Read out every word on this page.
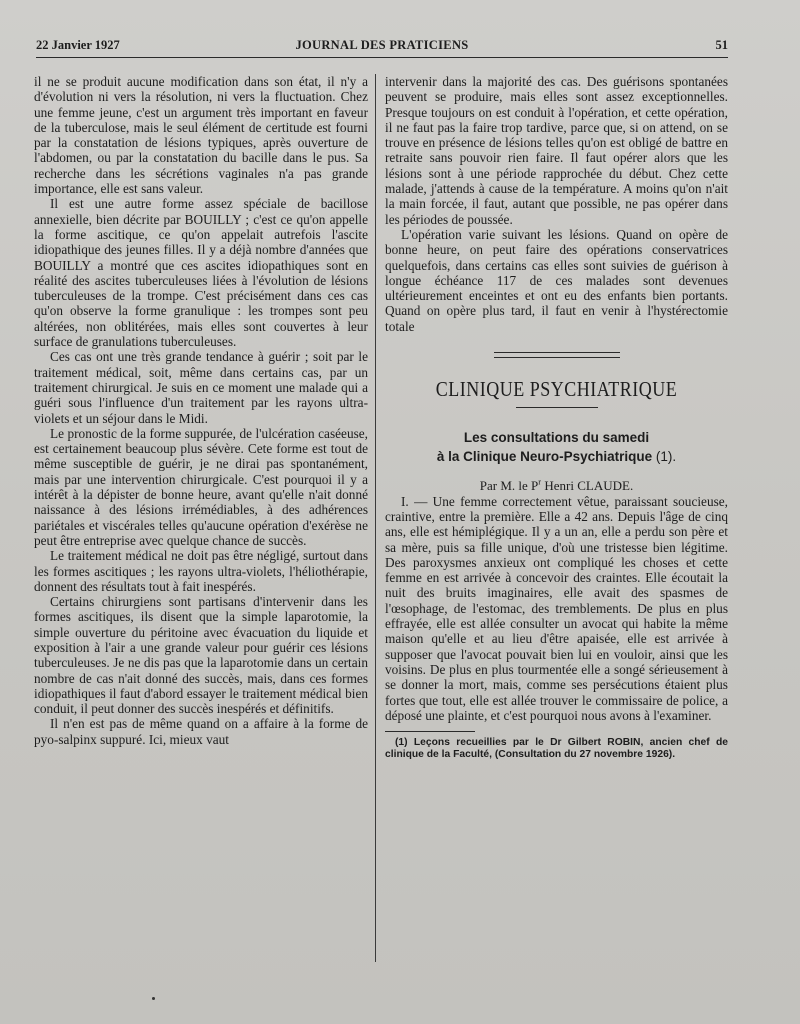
22 Janvier 1927	JOURNAL DES PRATICIENS	51

il ne se produit aucune modification dans son état, il n'y a d'évolution ni vers la résolution, ni vers la fluctuation. Chez une femme jeune, c'est un argument très important en faveur de la tuberculose, mais le seul élément de certitude est fourni par la constatation de lésions typiques, après ouverture de l'abdomen, ou par la constatation du bacille dans le pus. Sa recherche dans les sécrétions vaginales n'a pas grande importance, elle est sans valeur.

Il est une autre forme assez spéciale de bacillose annexielle, bien décrite par BOUILLY ; c'est ce qu'on appelle la forme ascitique, ce qu'on appelait autrefois l'ascite idiopathique des jeunes filles. Il y a déjà nombre d'années que BOUILLY a montré que ces ascites idiopathiques sont en réalité des ascites tuberculeuses liées à l'évolution de lésions tuberculeuses de la trompe. C'est précisément dans ces cas qu'on observe la forme granulique : les trompes sont peu altérées, non oblitérées, mais elles sont couvertes à leur surface de granulations tuberculeuses.

Ces cas ont une très grande tendance à guérir ; soit par le traitement médical, soit, même dans certains cas, par un traitement chirurgical. Je suis en ce moment une malade qui a guéri sous l'influence d'un traitement par les rayons ultra-violets et un séjour dans le Midi.

Le pronostic de la forme suppurée, de l'ulcération caséeuse, est certainement beaucoup plus sévère. Cete forme est tout de même susceptible de guérir, je ne dirai pas spontanément, mais par une intervention chirurgicale. C'est pourquoi il y a intérêt à la dépister de bonne heure, avant qu'elle n'ait donné naissance à des lésions irrémédiables, à des adhérences pariétales et viscérales telles qu'aucune opération d'exérèse ne peut être entreprise avec quelque chance de succès.

Le traitement médical ne doit pas être négligé, surtout dans les formes ascitiques ; les rayons ultra-violets, l'héliothérapie, donnent des résultats tout à fait inespérés.

Certains chirurgiens sont partisans d'intervenir dans les formes ascitiques, ils disent que la simple laparotomie, la simple ouverture du péritoine avec évacuation du liquide et exposition à l'air a une grande valeur pour guérir ces lésions tuberculeuses. Je ne dis pas que la laparotomie dans un certain nombre de cas n'ait donné des succès, mais, dans ces formes idiopathiques il faut d'abord essayer le traitement médical bien conduit, il peut donner des succès inespérés et définitifs.

Il n'en est pas de même quand on a affaire à la forme de pyo-salpinx suppuré. Ici, mieux vaut

intervenir dans la majorité des cas. Des guérisons spontanées peuvent se produire, mais elles sont assez exceptionnelles. Presque toujours on est conduit à l'opération, et cette opération, il ne faut pas la faire trop tardive, parce que, si on attend, on se trouve en présence de lésions telles qu'on est obligé de battre en retraite sans pouvoir rien faire. Il faut opérer alors que les lésions sont à une période rapprochée du début. Chez cette malade, j'attends à cause de la température. A moins qu'on n'ait la main forcée, il faut, autant que possible, ne pas opérer dans les périodes de poussée.

L'opération varie suivant les lésions. Quand on opère de bonne heure, on peut faire des opérations conservatrices quelquefois, dans certains cas elles sont suivies de guérison à longue échéance 117 de ces malades sont devenues ultérieurement enceintes et ont eu des enfants bien portants. Quand on opère plus tard, il faut en venir à l'hystérectomie totale

CLINIQUE PSYCHIATRIQUE
Les consultations du samedi
à la Clinique Neuro-Psychiatrique (1).
Par M. le $P^r$ Henri CLAUDE.

I. — Une femme correctement vêtue, paraissant soucieuse, craintive, entre la première. Elle a 42 ans. Depuis l'âge de cinq ans, elle est hémiplégique. Il y a un an, elle a perdu son père et sa mère, puis sa fille unique, d'où une tristesse bien légitime. Des paroxysmes anxieux ont compliqué les choses et cette femme en est arrivée à concevoir des craintes. Elle écoutait la nuit des bruits imaginaires, elle avait des spasmes de l'œsophage, de l'estomac, des tremblements. De plus en plus effrayée, elle est allée consulter un avocat qui habite la même maison qu'elle et au lieu d'être apaisée, elle est arrivée à supposer que l'avocat pouvait bien lui en vouloir, ainsi que les voisins. De plus en plus tourmentée elle a songé sérieusement à se donner la mort, mais, comme ses persécutions étaient plus fortes que tout, elle est allée trouver le commissaire de police, a déposé une plainte, et c'est pourquoi nous avons à l'examiner.

(1) Leçons recueillies par le Dr Gilbert ROBIN, ancien chef de clinique de la Faculté, (Consultation du 27 novembre 1926).
